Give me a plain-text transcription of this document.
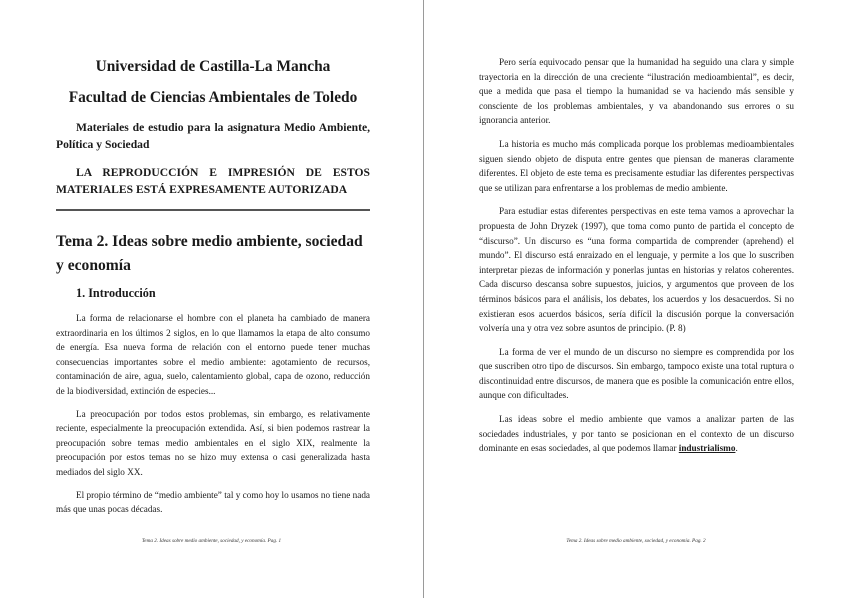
Universidad de Castilla-La Mancha
Facultad de Ciencias Ambientales de Toledo
Materiales de estudio para la asignatura Medio Ambiente, Política y Sociedad
LA REPRODUCCIÓN E IMPRESIÓN DE ESTOS MATERIALES ESTÁ EXPRESAMENTE AUTORIZADA
Tema 2. Ideas sobre medio ambiente, sociedad y economía
1. Introducción

La forma de relacionarse el hombre con el planeta ha cambiado de manera extraordinaria en los últimos 2 siglos, en lo que llamamos la etapa de alto consumo de energía. Esa nueva forma de relación con el entorno puede tener muchas consecuencias importantes sobre el medio ambiente: agotamiento de recursos, contaminación de aire, agua, suelo, calentamiento global, capa de ozono, reducción de la biodiversidad, extinción de especies...

La preocupación por todos estos problemas, sin embargo, es relativamente reciente, especialmente la preocupación extendida. Así, si bien podemos rastrear la preocupación sobre temas medio ambientales en el siglo XIX, realmente la preocupación por estos temas no se hizo muy extensa o casi generalizada hasta mediados del siglo XX.

El propio término de “medio ambiente” tal y como hoy lo usamos no tiene nada más que unas pocas décadas.

Tema 2. Ideas sobre medio ambiente, sociedad, y economía. Pag. 1

Pero sería equivocado pensar que la humanidad ha seguido una clara y simple trayectoria en la dirección de una creciente “ilustración medioambiental”, es decir, que a medida que pasa el tiempo la humanidad se va haciendo más sensible y consciente de los problemas ambientales, y va abandonando sus errores o su ignorancia anterior.

La historia es mucho más complicada porque los problemas medioambientales siguen siendo objeto de disputa entre gentes que piensan de maneras claramente diferentes. El objeto de este tema es precisamente estudiar las diferentes perspectivas que se utilizan para enfrentarse a los problemas de medio ambiente.

Para estudiar estas diferentes perspectivas en este tema vamos a aprovechar la propuesta de John Dryzek (1997), que toma como punto de partida el concepto de “discurso”. Un discurso es “una forma compartida de comprender (aprehend) el mundo”. El discurso está enraizado en el lenguaje, y permite a los que lo suscriben interpretar piezas de información y ponerlas juntas en historias y relatos coherentes. Cada discurso descansa sobre supuestos, juicios, y argumentos que proveen de los términos básicos para el análisis, los debates, los acuerdos y los desacuerdos. Si no existieran esos acuerdos básicos, sería difícil la discusión porque la conversación volvería una y otra vez sobre asuntos de principio. (P. 8)

La forma de ver el mundo de un discurso no siempre es comprendida por los que suscriben otro tipo de discursos. Sin embargo, tampoco existe una total ruptura o discontinuidad entre discursos, de manera que es posible la comunicación entre ellos, aunque con dificultades.

Las ideas sobre el medio ambiente que vamos a analizar parten de las sociedades industriales, y por tanto se posicionan en el contexto de un discurso dominante en esas sociedades, al que podemos llamar industrialismo.

Tema 2. Ideas sobre medio ambiente, sociedad, y economía. Pag. 2
